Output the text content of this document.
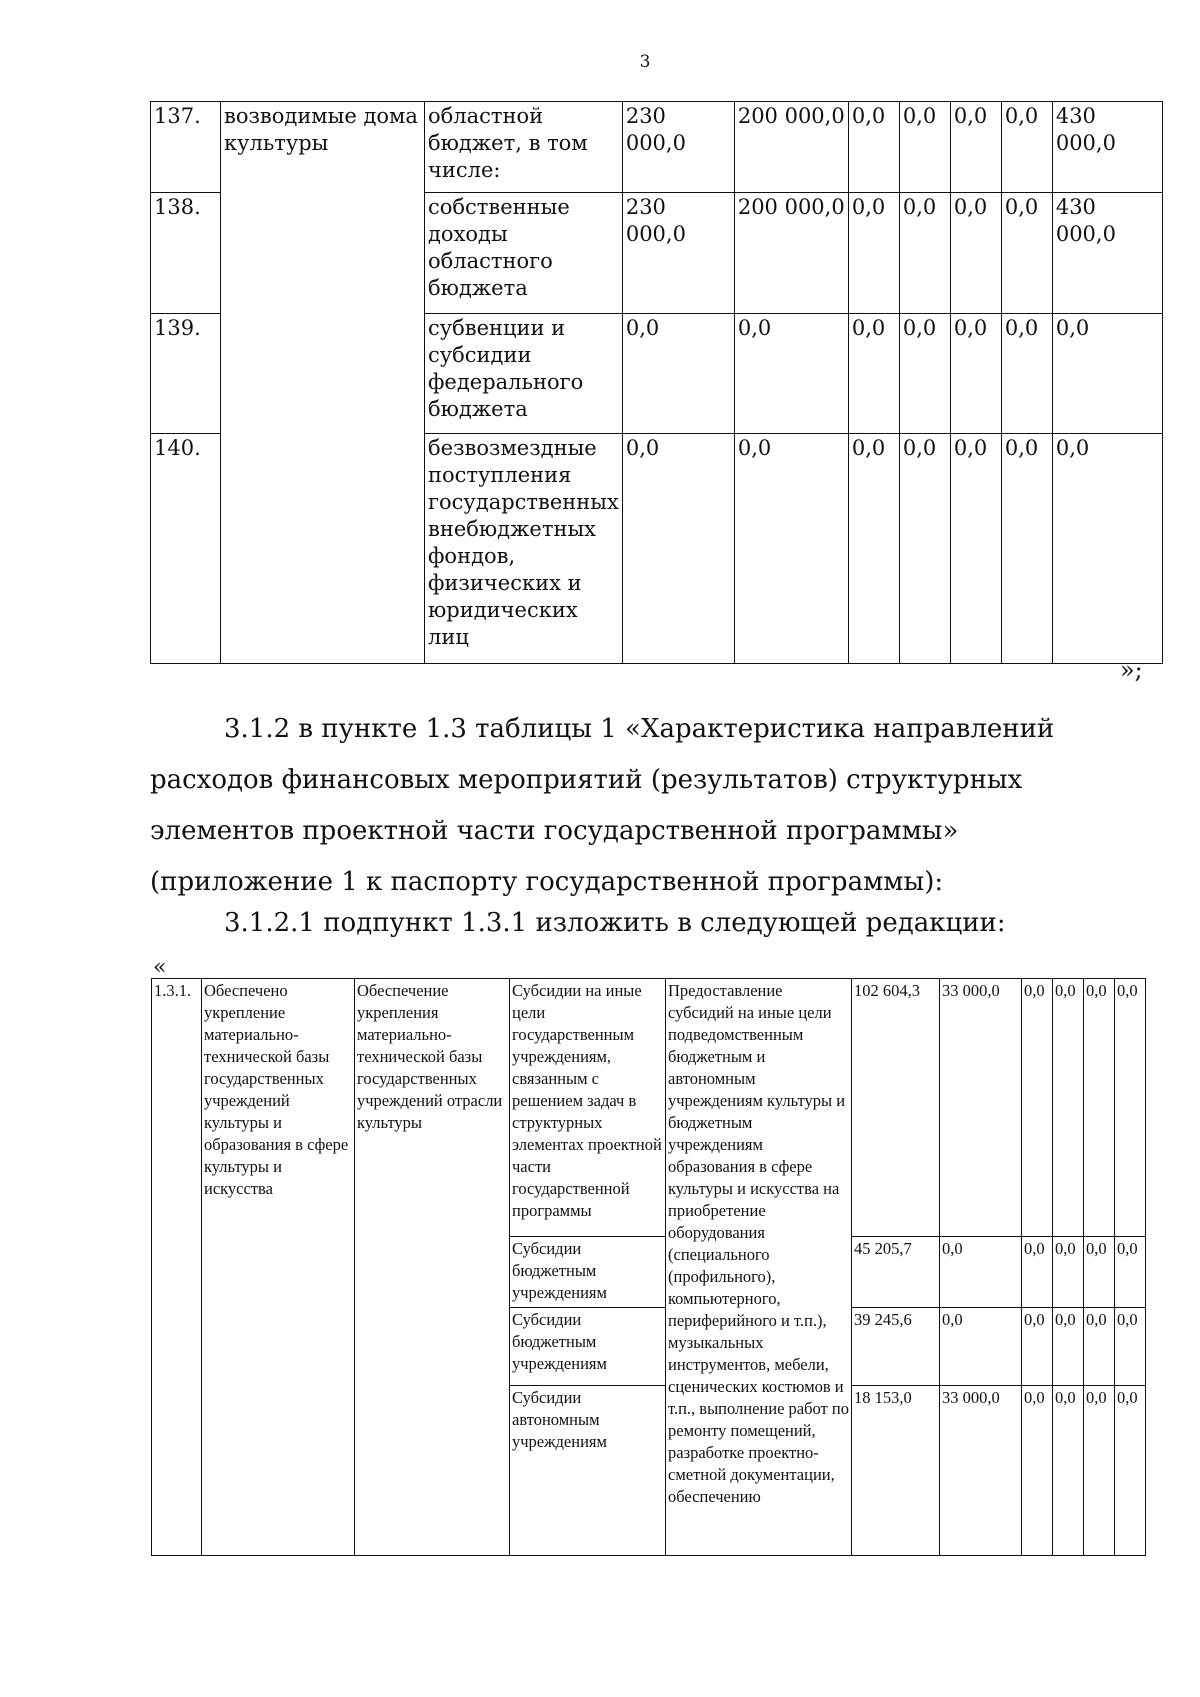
3
137.	возводимые дома культуры	областной бюджет, в том числе:	230 000,0	200 000,0	0,0	0,0	0,0	0,0	430 000,0
138.		собственные доходы областного бюджета	230 000,0	200 000,0	0,0	0,0	0,0	0,0	430 000,0
139.		субвенции и субсидии федерального бюджета	0,0	0,0	0,0	0,0	0,0	0,0	0,0
140.		безвозмездные поступления государственных внебюджетных фондов, физических и юридических лиц	0,0	0,0	0,0	0,0	0,0	0,0	0,0
»;
3.1.2 в пункте 1.3 таблицы 1 «Характеристика направлений расходов финансовых мероприятий (результатов) структурных элементов проектной части государственной программы» (приложение 1 к паспорту государственной программы):
3.1.2.1 подпункт 1.3.1 изложить в следующей редакции:
«
1.3.1.	Обеспечено укрепление материально-технической базы государственных учреждений культуры и образования в сфере культуры и искусства	Обеспечение укрепления материально-технической базы государственных учреждений отрасли культуры	Субсидии на иные цели государственным учреждениям, связанным с решением задач в структурных элементах проектной части государственной программы	Предоставление субсидий на иные цели подведомственным бюджетным и автономным учреждениям культуры и бюджетным учреждениям образования в сфере культуры и искусства на приобретение оборудования (специального (профильного), компьютерного, периферийного и т.п.), музыкальных инструментов, мебели, сценических костюмов и т.п., выполнение работ по ремонту помещений, разработке проектно-сметной документации, обеспечению	102 604,3	33 000,0	0,0	0,0	0,0	0,0
			Субсидии бюджетным учреждениям		45 205,7	0,0	0,0	0,0	0,0	0,0
			Субсидии бюджетным учреждениям		39 245,6	0,0	0,0	0,0	0,0	0,0
			Субсидии автономным учреждениям		18 153,0	33 000,0	0,0	0,0	0,0	0,0
